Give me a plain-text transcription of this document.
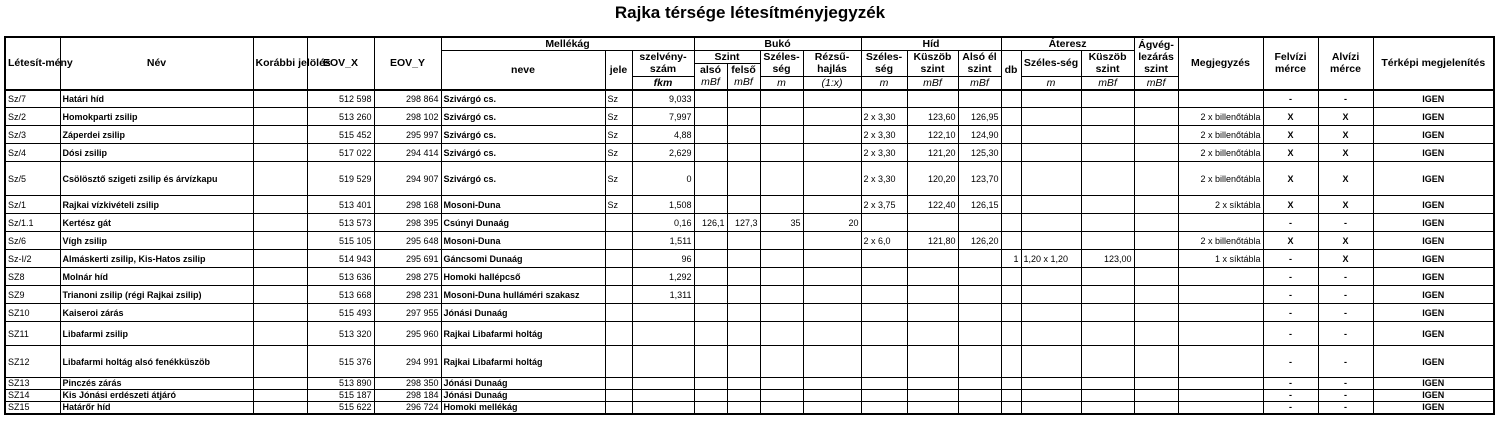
Rajka térsége létesítményjegyzék
Létesít-mény	Név	Korábbi jelölés	EOV_X	EOV_Y	Mellékág			Bukó				Híd			Áteresz			Ágvég-lezárás szint	Megjegyzés	Felvízi mérce	Alvízi mérce	Térképi megjelenítés
					neve	jele	szelvény-szám	Szint		Széles-ség	Rézsű-hajlás	Széles-ség	Küszöb szint	Alsó él szint	db	Széles-ség	Küszöb szint					
								alsó	felső													
							fkm	mBf	mBf	m	(1:x)	m	mBf	mBf		m	mBf	mBf				
Sz/7	Határi híd		512 598	298 864	Szivárgó cs.	Sz	9,033													-	-	IGEN
Sz/2	Homokparti zsilip		513 260	298 102	Szivárgó cs.	Sz	7,997					2 x 3,30	123,60	126,95					2 x billenőtábla	X	X	IGEN
Sz/3	Záperdei zsilip		515 452	295 997	Szivárgó cs.	Sz	4,88					2 x 3,30	122,10	124,90					2 x billenőtábla	X	X	IGEN
Sz/4	Dósi zsilip		517 022	294 414	Szivárgó cs.	Sz	2,629					2 x 3,30	121,20	125,30					2 x billenőtábla	X	X	IGEN
Sz/5	Csölösztő szigeti zsilip és árvízkapu		519 529	294 907	Szivárgó cs.	Sz	0					2 x 3,30	120,20	123,70					2 x billenőtábla	X	X	IGEN
Sz/1	Rajkai vízkivételi zsilip		513 401	298 168	Mosoni-Duna	Sz	1,508					2 x 3,75	122,40	126,15					2 x síktábla	X	X	IGEN
Sz/1.1	Kertész gát		513 573	298 395	Csúnyi Dunaág		0,16	126,1	127,3	35	20									-	-	IGEN
Sz/6	Vígh zsilip		515 105	295 648	Mosoni-Duna		1,511					2 x 6,0	121,80	126,20					2 x billenőtábla	X	X	IGEN
Sz-I/2	Almáskerti zsilip, Kis-Hatos zsilip		514 943	295 691	Gáncsomi Dunaág		96								1	1,20 x 1,20	123,00		1 x síktábla	-	X	IGEN
SZ8	Molnár híd		513 636	298 275	Homoki hallépcső		1,292													-	-	IGEN
SZ9	Trianoni zsilip (régi Rajkai zsilip)		513 668	298 231	Mosoni-Duna hulláméri szakasz		1,311													-	-	IGEN
SZ10	Kaiseroi zárás		515 493	297 955	Jónási Dunaág															-	-	IGEN
SZ11	Libafarmi zsilip		513 320	295 960	Rajkai Libafarmi holtág															-	-	IGEN
SZ12	Libafarmi holtág alsó fenékküszöb		515 376	294 991	Rajkai Libafarmi holtág															-	-	IGEN
SZ13	Pinczés zárás		513 890	298 350	Jónási Dunaág															-	-	IGEN
SZ14	Kis Jónási erdészeti átjáró		515 187	298 184	Jónási Dunaág															-	-	IGEN
SZ15	Határőr híd		515 622	296 724	Homoki mellékág															-	-	IGEN
